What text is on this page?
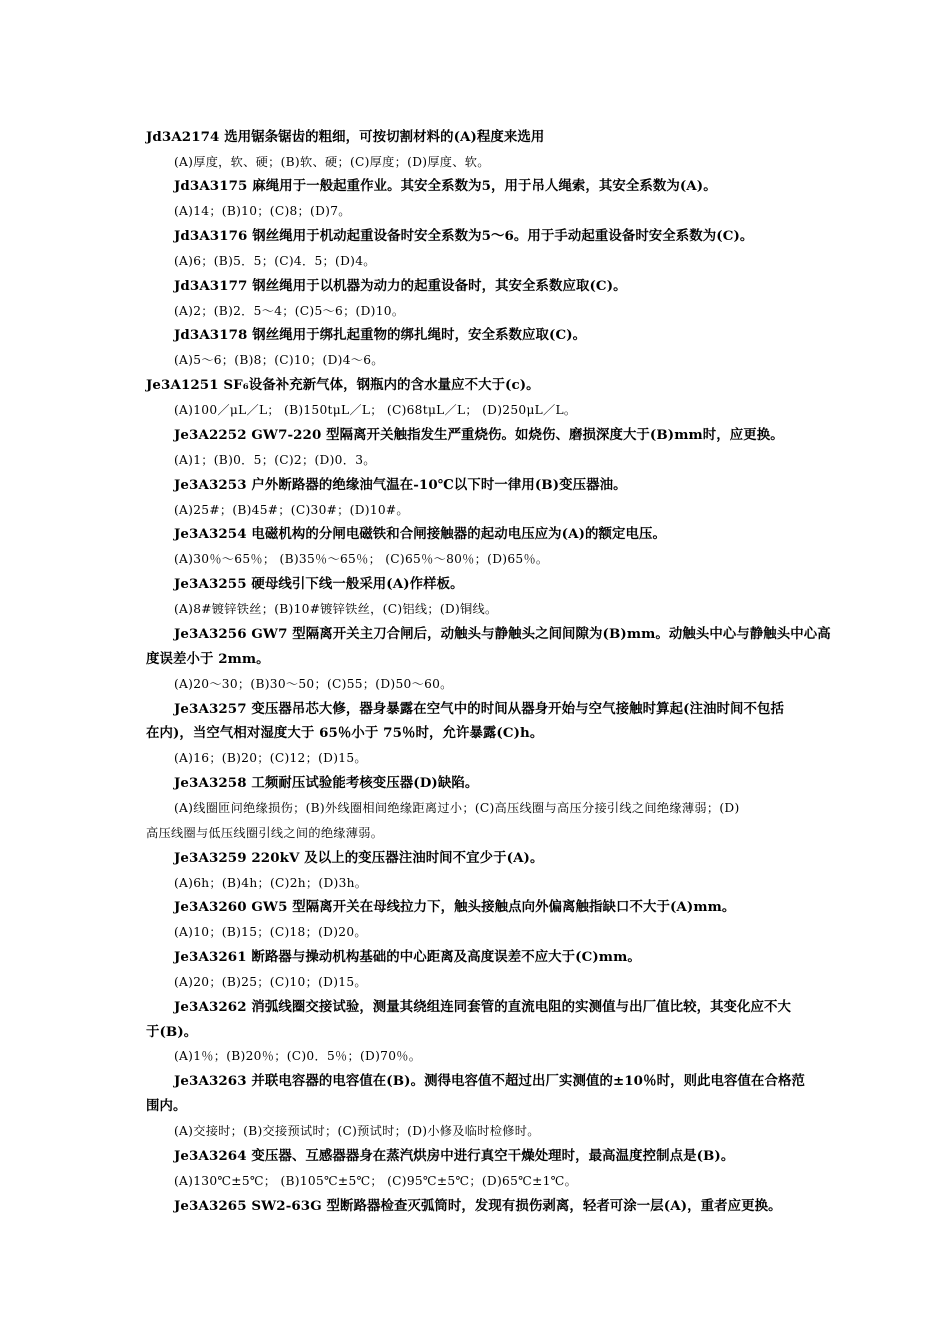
Jd3A2174 选用锯条锯齿的粗细，可按切割材料的(A)程度来选用
(A)厚度，软、硬；(B)软、硬；(C)厚度；(D)厚度、软。
Jd3A3175 麻绳用于一般起重作业。其安全系数为5，用于吊人绳索，其安全系数为(A)。
(A)14；(B)10；(C)8；(D)7。
Jd3A3176 钢丝绳用于机动起重设备时安全系数为5～6。用于手动起重设备时安全系数为(C)。
(A)6；(B)5．5；(C)4．5；(D)4。
Jd3A3177 钢丝绳用于以机器为动力的起重设备时，其安全系数应取(C)。
(A)2；(B)2．5～4；(C)5～6；(D)10。
Jd3A3178 钢丝绳用于绑扎起重物的绑扎绳时，安全系数应取(C)。
(A)5～6；(B)8；(C)10；(D)4～6。
Je3A1251 SF₆设备补充新气体，钢瓶内的含水量应不大于(c)。
(A)100／μL／L； (B)150tμL／L； (C)68tμL／L； (D)250μL／L。
Je3A2252 GW7-220 型隔离开关触指发生严重烧伤。如烧伤、磨损深度大于(B)mm时，应更换。
(A)1；(B)0．5；(C)2；(D)0．3。
Je3A3253 户外断路器的绝缘油气温在-10℃以下时一律用(B)变压器油。
(A)25#；(B)45#；(C)30#；(D)10#。
Je3A3254 电磁机构的分闸电磁铁和合闸接触器的起动电压应为(A)的额定电压。
(A)30％～65％； (B)35％～65％； (C)65％～80％；(D)65％。
Je3A3255 硬母线引下线一般采用(A)作样板。
(A)8#镀锌铁丝；(B)10#镀锌铁丝，(C)铝线；(D)铜线。
Je3A3256 GW7 型隔离开关主刀合闸后，动触头与静触头之间间隙为(B)mm。动触头中心与静触头中心高
度误差小于 2mm。
(A)20～30；(B)30～50；(C)55；(D)50～60。
Je3A3257 变压器吊芯大修，器身暴露在空气中的时间从器身开始与空气接触时算起(注油时间不包括
在内)，当空气相对湿度大于 65％小于 75％时，允许暴露(C)h。
(A)16；(B)20；(C)12；(D)15。
Je3A3258 工频耐压试验能考核变压器(D)缺陷。
(A)线圈匝问绝缘损伤；(B)外线圈相间绝缘距离过小；(C)高压线圈与高压分接引线之间绝缘薄弱；(D)
高压线圈与低压线圈引线之间的绝缘薄弱。
Je3A3259 220kV 及以上的变压器注油时间不宜少于(A)。
(A)6h；(B)4h；(C)2h；(D)3h。
Je3A3260 GW5 型隔离开关在母线拉力下，触头接触点向外偏离触指缺口不大于(A)mm。
(A)10；(B)15；(C)18；(D)20。
Je3A3261 断路器与操动机构基础的中心距离及高度误差不应大于(C)mm。
(A)20；(B)25；(C)10；(D)15。
Je3A3262 消弧线圈交接试验，测量其绕组连同套管的直流电阻的实测值与出厂值比较，其变化应不大
于(B)。
(A)1％；(B)20％；(C)0．5％；(D)70％。
Je3A3263 并联电容器的电容值在(B)。测得电容值不超过出厂实测值的±10％时，则此电容值在合格范
围内。
(A)交接时；(B)交接预试时；(C)预试时；(D)小修及临时检修时。
Je3A3264 变压器、互感器器身在蒸汽烘房中进行真空干燥处理时，最高温度控制点是(B)。
(A)130℃±5℃； (B)105℃±5℃； (C)95℃±5℃；(D)65℃±1℃。
Je3A3265 SW2-63G 型断路器检查灭弧筒时，发现有损伤剥离，轻者可涂一层(A)，重者应更换。
